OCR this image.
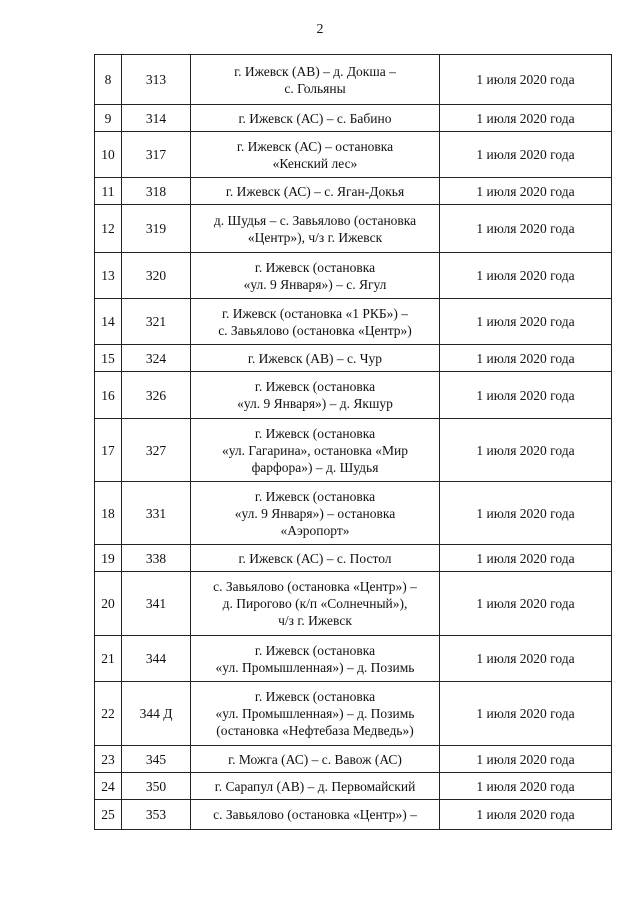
2
8	313	г. Ижевск (АВ) – д. Докша –
с. Гольяны	1 июля 2020 года
9	314	г. Ижевск (АС) – с. Бабино	1 июля 2020 года
10	317	г. Ижевск (АС) – остановка
«Кенский лес»	1 июля 2020 года
11	318	г. Ижевск (АС) – с. Яган-Докья	1 июля 2020 года
12	319	д. Шудья – с. Завьялово (остановка
«Центр»), ч/з г. Ижевск	1 июля 2020 года
13	320	г. Ижевск (остановка
«ул. 9 Января») – с. Ягул	1 июля 2020 года
14	321	г. Ижевск (остановка «1 РКБ») –
с. Завьялово (остановка «Центр»)	1 июля 2020 года
15	324	г. Ижевск (АВ) – с. Чур	1 июля 2020 года
16	326	г. Ижевск (остановка
«ул. 9 Января») – д. Якшур	1 июля 2020 года
17	327	г. Ижевск (остановка
«ул. Гагарина», остановка «Мир
фарфора») – д. Шудья	1 июля 2020 года
18	331	г. Ижевск (остановка
«ул. 9 Января») – остановка
«Аэропорт»	1 июля 2020 года
19	338	г. Ижевск (АС) – с. Постол	1 июля 2020 года
20	341	с. Завьялово (остановка «Центр») –
д. Пирогово (к/п «Солнечный»),
ч/з г. Ижевск	1 июля 2020 года
21	344	г. Ижевск (остановка
«ул. Промышленная») – д. Позимь	1 июля 2020 года
22	344 Д	г. Ижевск (остановка
«ул. Промышленная») – д. Позимь
(остановка «Нефтебаза Медведь»)	1 июля 2020 года
23	345	г. Можга (АС) – с. Вавож (АС)	1 июля 2020 года
24	350	г. Сарапул (АВ) – д. Первомайский	1 июля 2020 года
25	353	с. Завьялово (остановка «Центр») –	1 июля 2020 года
